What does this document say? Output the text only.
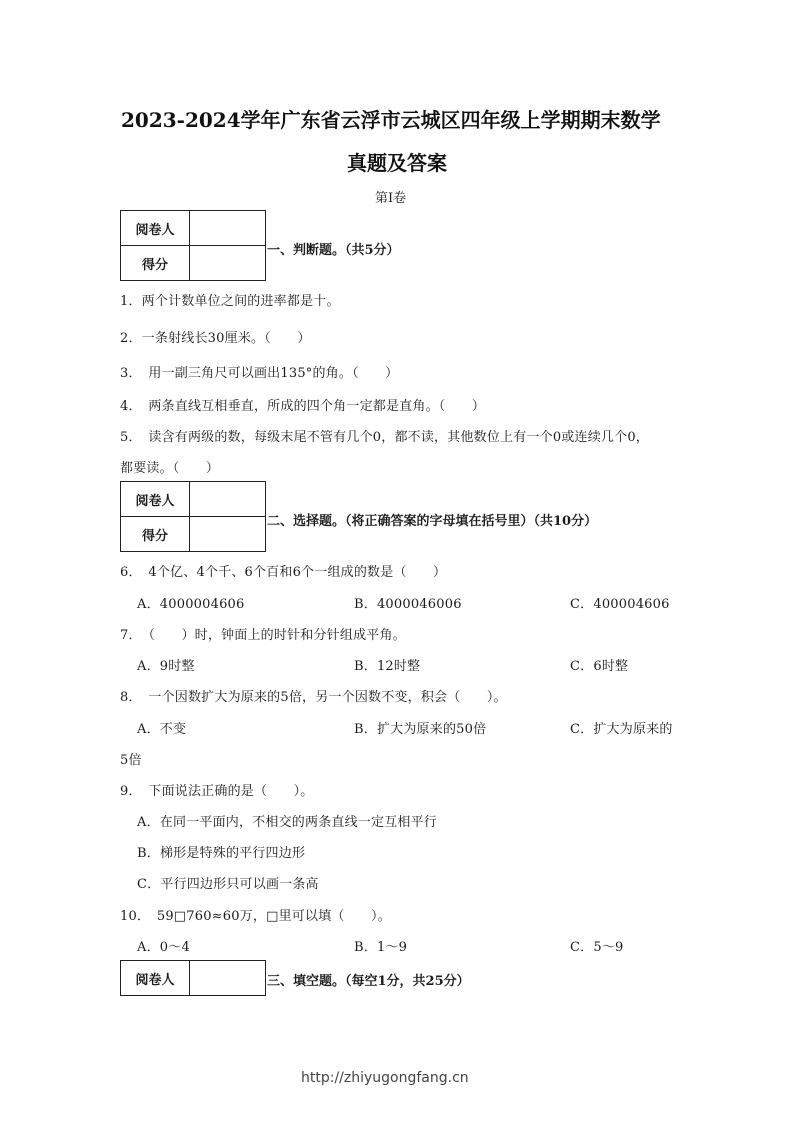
2023-2024学年广东省云浮市云城区四年级上学期期末数学
真题及答案
第Ⅰ卷
阅卷人	
得分	
一、判断题。（共5分）
1．两个计数单位之间的进率都是十。
2．一条射线长30厘米。（　　）
3．　用一副三角尺可以画出135°的角。（　　）
4．　两条直线互相垂直，所成的四个角一定都是直角。（　　）
5．　读含有两级的数，每级末尾不管有几个0，都不读，其他数位上有一个0或连续几个0，
都要读。（　　）
阅卷人	
得分	
二、选择题。（将正确答案的字母填在括号里）（共10分）
6．　4个亿、4个千、6个百和6个一组成的数是（　　）
A．4000004606	B．4000046006	C．400004606
7．　（　　）时，钟面上的时针和分针组成平角。
A．9时整	B．12时整	C．6时整
8．　一个因数扩大为原来的5倍，另一个因数不变，积会（　　）。
A．不变	B．扩大为原来的50倍	C．扩大为原来的
5倍
9．　下面说法正确的是（　　）。
A．在同一平面内，不相交的两条直线一定互相平行
B．梯形是特殊的平行四边形
C．平行四边形只可以画一条高
10．　59□760≈60万，□里可以填（　　）。
A．0～4	B．1～9	C．5～9
阅卷人		三、填空题。（每空1分，共25分）
http://zhiyugongfang.cn
